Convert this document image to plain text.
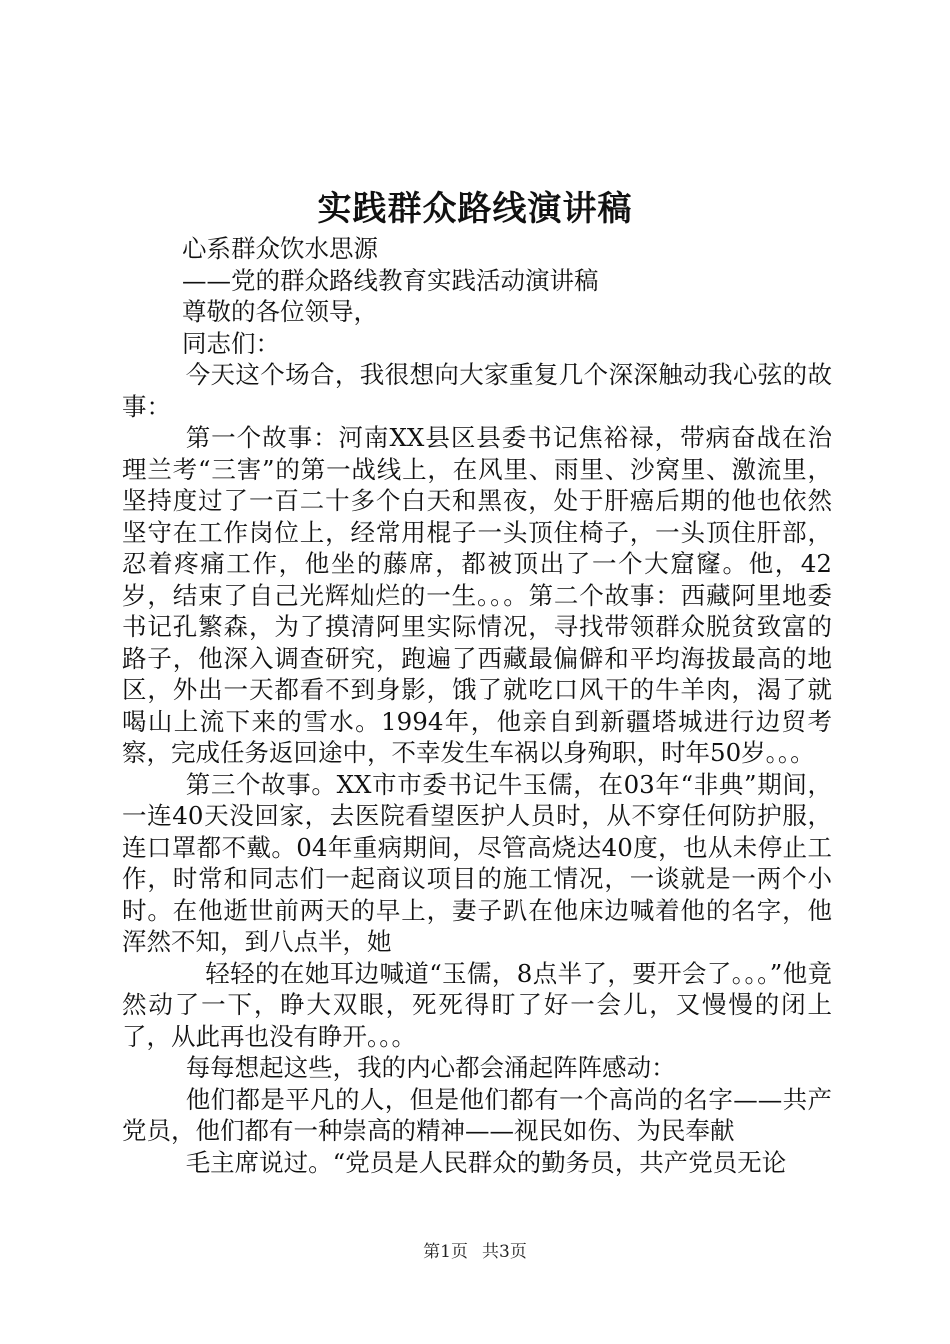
实践群众路线演讲稿

心系群众饮水思源

——党的群众路线教育实践活动演讲稿

尊敬的各位领导，

同志们：

今天这个场合，我很想向大家重复几个深深触动我心弦的故事：

第一个故事：河南XX县区县委书记焦裕禄，带病奋战在治理兰考“三害”的第一战线上，在风里、雨里、沙窝里、激流里，坚持度过了一百二十多个白天和黑夜，处于肝癌后期的他也依然坚守在工作岗位上，经常用棍子一头顶住椅子，一头顶住肝部，忍着疼痛工作，他坐的藤席，都被顶出了一个大窟窿。他，42岁，结束了自己光辉灿烂的一生。。。第二个故事：西藏阿里地委书记孔繁森，为了摸清阿里实际情况，寻找带领群众脱贫致富的路子，他深入调查研究，跑遍了西藏最偏僻和平均海拔最高的地区，外出一天都看不到身影，饿了就吃口风干的牛羊肉，渴了就喝山上流下来的雪水。1994年，他亲自到新疆塔城进行边贸考察，完成任务返回途中，不幸发生车祸以身殉职，时年50岁。。。

第三个故事。XX市市委书记牛玉儒，在03年“非典”期间，一连40天没回家，去医院看望医护人员时，从不穿任何防护服，连口罩都不戴。04年重病期间，尽管高烧达40度，也从未停止工作，时常和同志们一起商议项目的施工情况，一谈就是一两个小时。在他逝世前两天的早上，妻子趴在他床边喊着他的名字，他浑然不知，到八点半，她

轻轻的在她耳边喊道“玉儒，8点半了，要开会了。。。”他竟然动了一下，睁大双眼，死死得盯了好一会儿，又慢慢的闭上了，从此再也没有睁开。。。

每每想起这些，我的内心都会涌起阵阵感动：

他们都是平凡的人，但是他们都有一个高尚的名字——共产党员，他们都有一种崇高的精神——视民如伤、为民奉献

毛主席说过。“党员是人民群众的勤务员，共产党员无论

第1页 共3页
